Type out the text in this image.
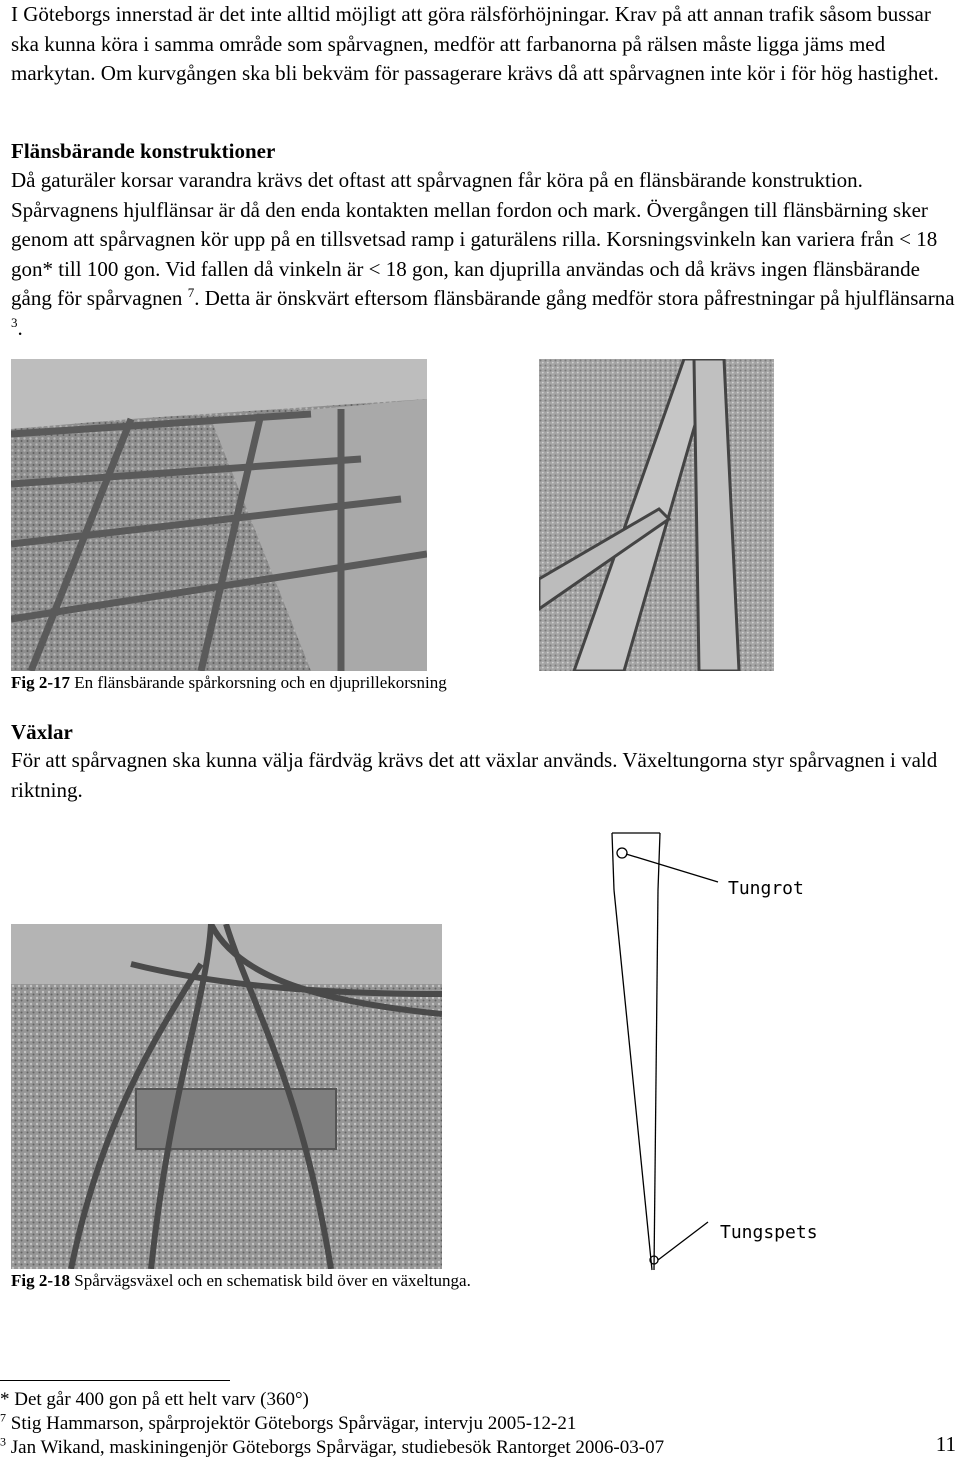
I Göteborgs innerstad är det inte alltid möjligt att göra rälsförhöjningar. Krav på att annan trafik såsom bussar ska kunna köra i samma område som spårvagnen, medför att farbanorna på rälsen måste ligga jäms med markytan. Om kurvgången ska bli bekväm för passagerare krävs då att spårvagnen inte kör i för hög hastighet.

Flänsbärande konstruktioner

Då gaturäler korsar varandra krävs det oftast att spårvagnen får köra på en flänsbärande konstruktion. Spårvagnens hjulflänsar är då den enda kontakten mellan fordon och mark. Övergången till flänsbärning sker genom att spårvagnen kör upp på en tillsvetsad ramp i gaturälens rilla. Korsningsvinkeln kan variera från < 18 gon* till 100 gon. Vid fallen då vinkeln är < 18 gon, kan djuprilla användas och då krävs ingen flänsbärande gång för spårvagnen $^7$. Detta är önskvärt eftersom flänsbärande gång medför stora påfrestningar på hjulflänsarna $^3$.

Fig 2-17 En flänsbärande spårkorsning och en djuprillekorsning
Växlar

För att spårvagnen ska kunna välja färdväg krävs det att växlar används. Växeltungorna styr spårvagnen i vald riktning.

Tungrot
Tungspets
Fig 2-18 Spårvägsväxel och en schematisk bild över en växeltunga.
* Det går 400 gon på ett helt varv (360°)
$^7$ Stig Hammarson, spårprojektör Göteborgs Spårvägar, intervju 2005-12-21
$^3$ Jan Wikand, maskiningenjör Göteborgs Spårvägar, studiebesök Rantorget 2006-03-07	11
